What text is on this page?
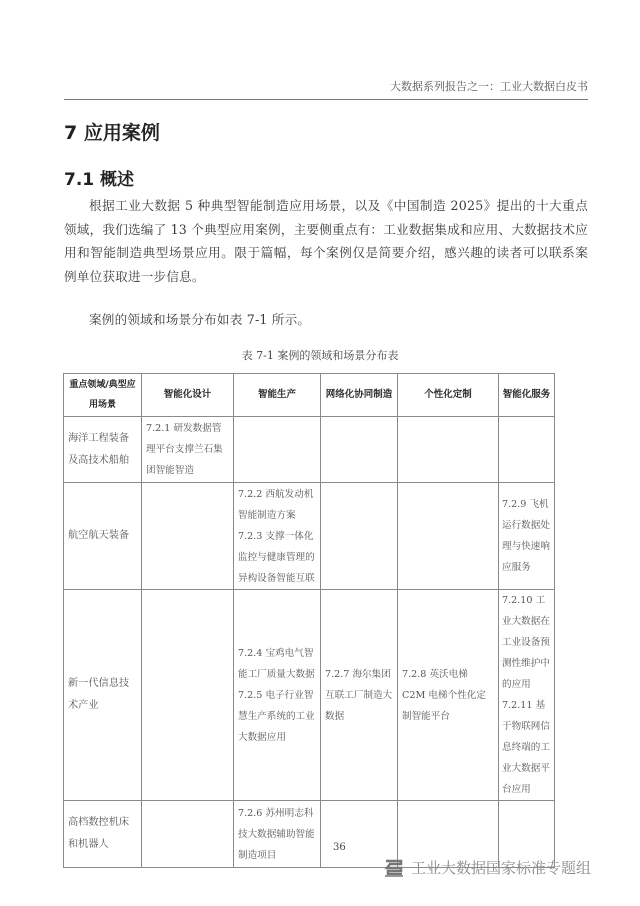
大数据系列报告之一：工业大数据白皮书
7 应用案例
7.1 概述
根据工业大数据 5 种典型智能制造应用场景，以及《中国制造 2025》提出的十大重点领域，我们选编了 13 个典型应用案例，主要侧重点有：工业数据集成和应用、大数据技术应用和智能制造典型场景应用。限于篇幅，每个案例仅是简要介绍，感兴趣的读者可以联系案例单位获取进一步信息。
案例的领域和场景分布如表 7-1 所示。
表 7-1 案例的领域和场景分布表
重点领域/典型应用场景	智能化设计	智能生产	网络化协同制造	个性化定制	智能化服务
海洋工程装备及高技术船舶	7.2.1 研发数据管理平台支撑兰石集团智能智造				

航空航天装备		7.2.2 西航发动机智能制造方案
7.2.3 支撑一体化监控与健康管理的异构设备智能互联			7.2.9 飞机运行数据处理与快速响应服务

新一代信息技术产业		7.2.4 宝鸡电气智能工厂质量大数据
7.2.5 电子行业智慧生产系统的工业大数据应用	7.2.7 海尔集团互联工厂制造大数据	7.2.8 英沃电梯 C2M 电梯个性化定制智能平台	7.2.10 工业大数据在工业设备预测性维护中的应用
7.2.11 基于物联网信息终端的工业大数据平台应用

高档数控机床和机器人		7.2.6 苏州明志科技大数据辅助智能制造项目			

36
工业大数据国家标准专题组
